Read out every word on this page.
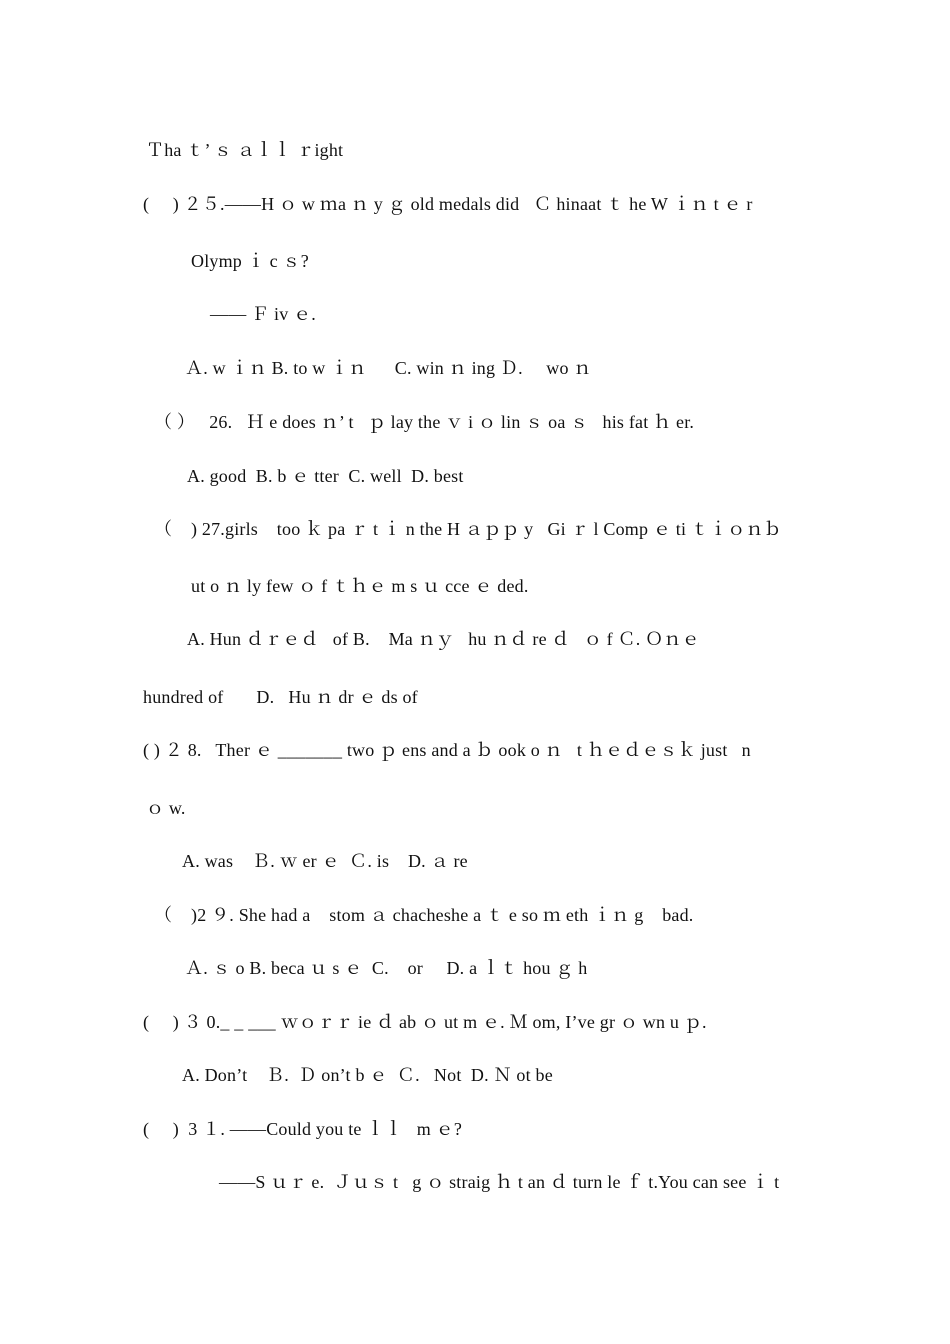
Ｔha ｔ’ ｓ ａｌｌ ｒight
(     ) ２５.——H ｏ w ｍa ｎ y ｇ old medals did   Ｃ hinaat ｔ he W ｉｎ t ｅ r
Olymp ｉ c ｓ?
—— Ｆ iv ｅ.
Ａ. w ｉｎ B. to w ｉｎ      C. win ｎ ing Ｄ.     wo ｎ
（ ）   26.   Ｈ e does ｎ’ t   ｐ lay the ｖ i ｏ lin ｓ oa ｓ   his fat ｈ er.
A. good  B. b ｅ tter  C. well  D. best
（    ) 27.girls    too ｋ pa ｒ t ｉ n the H ａｐｐ y   Gi ｒ l Comp ｅ ti ｔｉｏｎｂ
ut o ｎ ly few ｏ f ｔｈｅ m s ｕ cce ｅ ded.
A. Hun ｄｒｅｄ   of B.    Ma ｎｙ   hu ｎｄ re ｄ   ｏ f Ｃ. Ｏｎｅ
hundred of       D.   Hu ｎ dr ｅ ds of
( ) ２ 8.   Ther ｅ _______ two ｐ ens and a ｂ ook o ｎ   t ｈｅｄｅｓｋ just   n
ｏ w.
A. was    Ｂ. ｗ er ｅ  Ｃ. is    D. ａ re
（    )2 ９. She had a    stom ａ chacheshe a ｔ e so ｍ eth ｉｎ g    bad.
Ａ. ｓ o B. beca ｕ s ｅ  C.    or     D. a ｌｔ hou ｇ h
(     ) ３ 0._ _ ___ ｗｏｒｒ ie ｄ ab ｏ ut m ｅ. Ｍ om, I’ve gr ｏ wn u ｐ.
A. Don’t    Ｂ.  Ｄ on’t b ｅ  Ｃ.   Not  D. Ｎ ot be
(     )  3 １. ——Could you te ｌｌ   m ｅ?
——S ｕｒ e.  Ｊｕｓ t   g ｏ straig ｈ t an ｄ turn le ｆ t.You can see ｉ t
